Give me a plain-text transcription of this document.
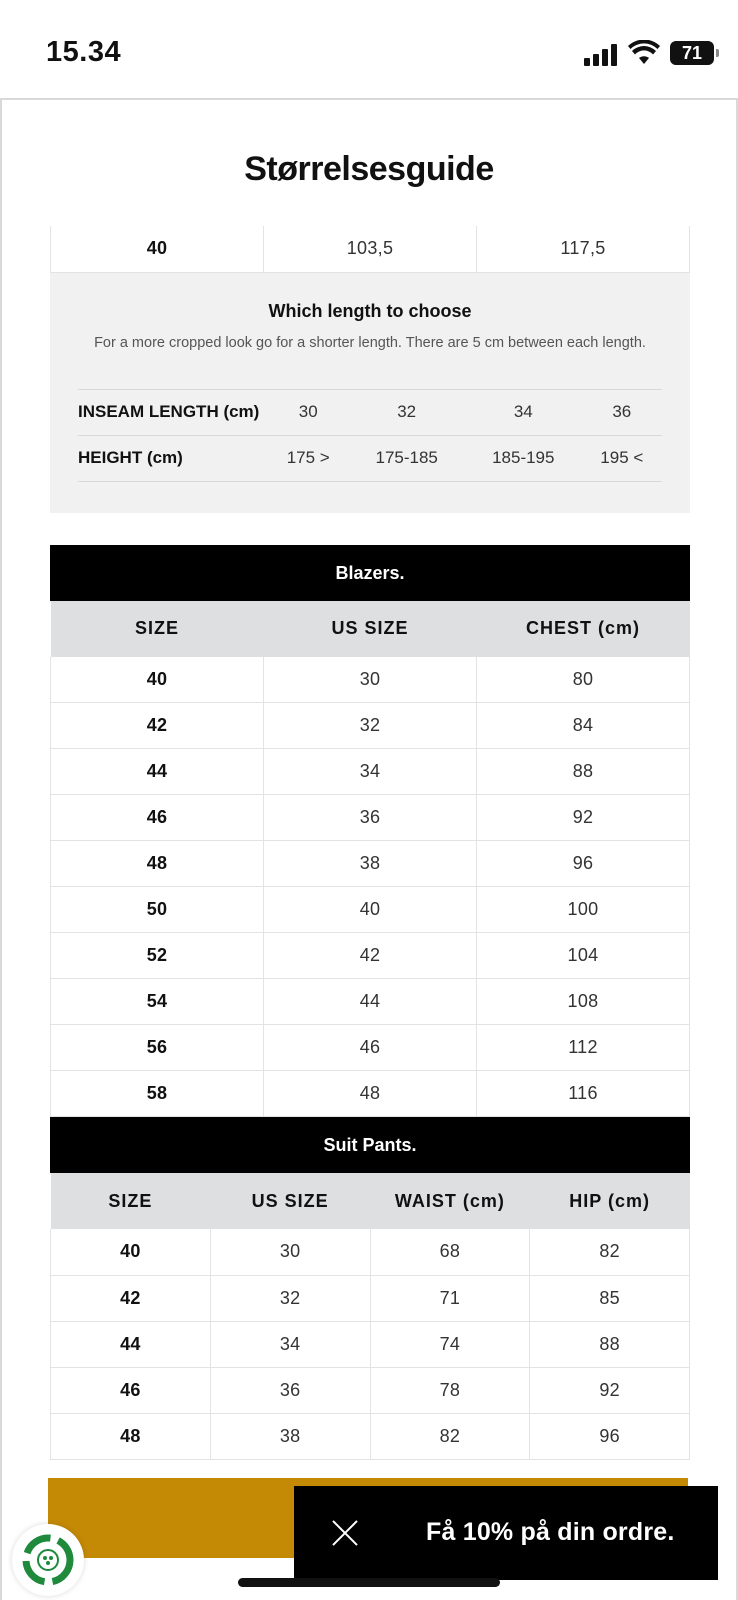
15.34	71
Størrelsesguide
40	103,5	117,5
Which length to choose
For a more cropped look go for a shorter length. There are 5 cm between each length.
INSEAM LENGTH (cm)	30	32	34	36
HEIGHT (cm)	175 >	175-185	185-195	195 <
Blazers.
SIZE	US SIZE	CHEST (cm)
40	30	80
42	32	84
44	34	88
46	36	92
48	38	96
50	40	100
52	42	104
54	44	108
56	46	112
58	48	116
Suit Pants.
SIZE	US SIZE	WAIST (cm)	HIP (cm)
40	30	68	82
42	32	71	85
44	34	74	88
46	36	78	92
48	38	82	96
Få 10% på din ordre.
